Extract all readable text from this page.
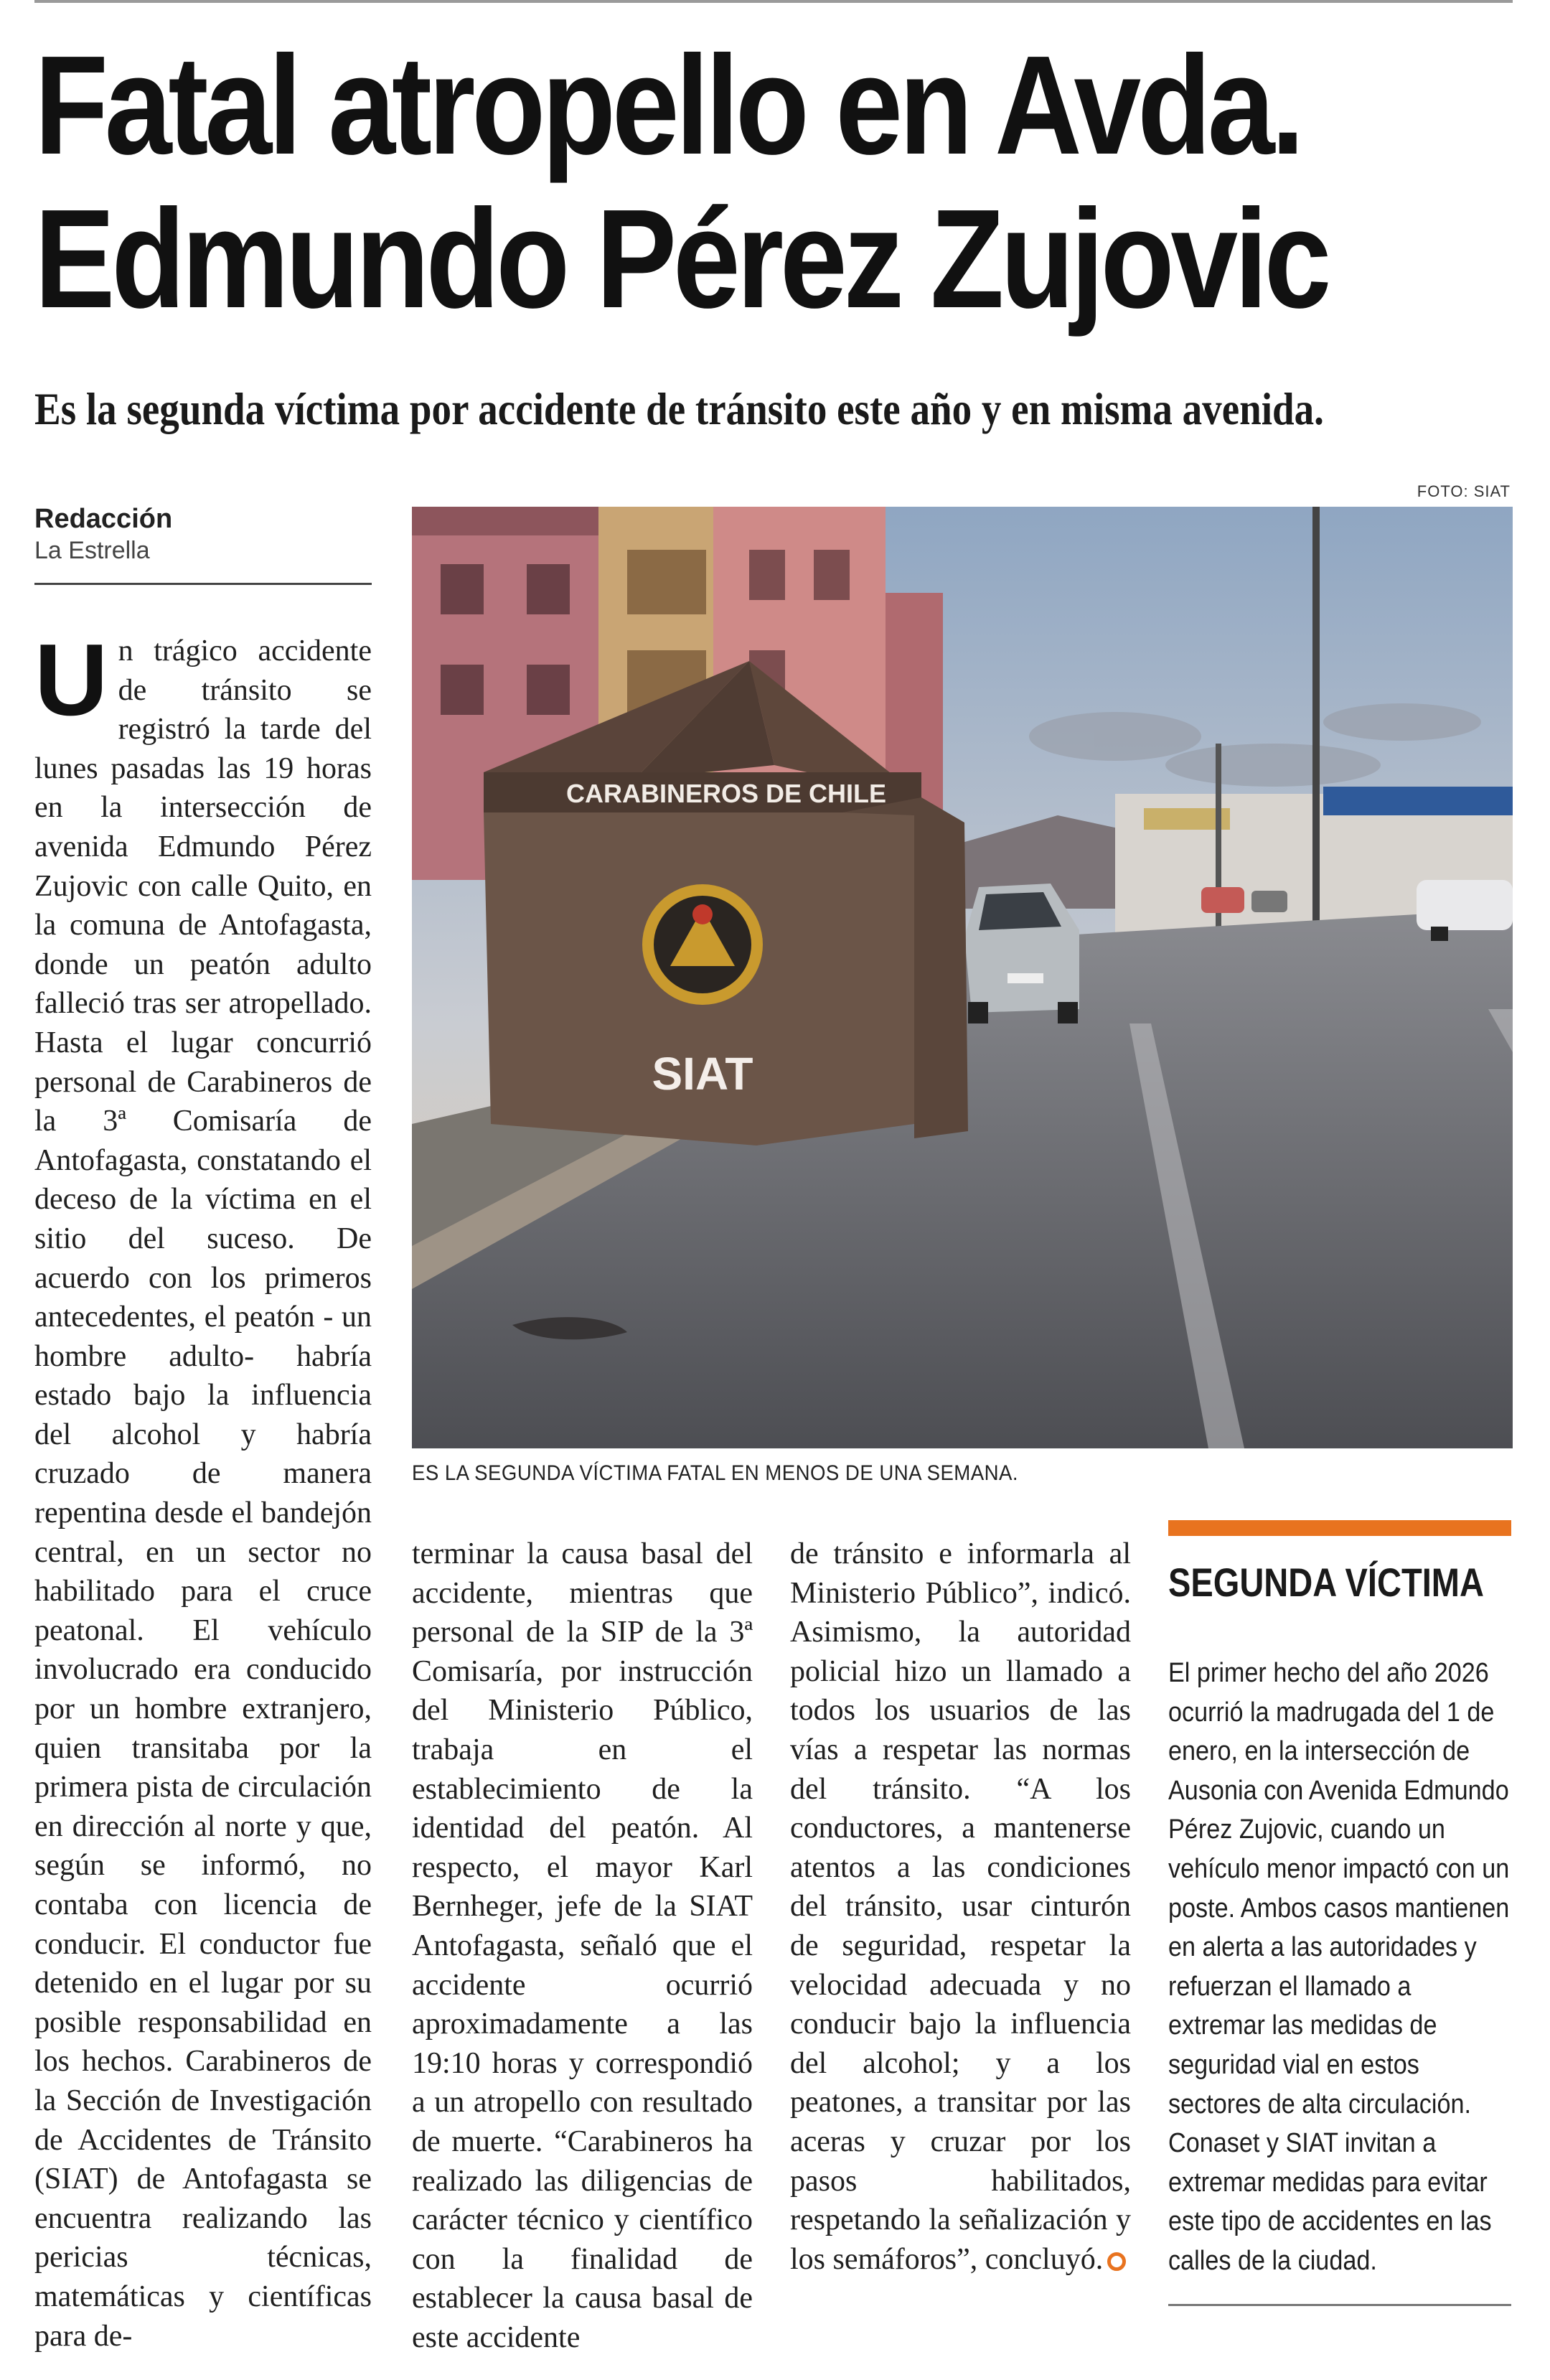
Fatal atropello en Avda.
Edmundo Pérez Zujovic
Es la segunda víctima por accidente de tránsito este año y en misma avenida.
Redacción
La Estrella
FOTO: SIAT
CARABINEROS DE CHILE
SIAT
ES LA SEGUNDA VÍCTIMA FATAL EN MENOS DE UNA SEMANA.

Un trágico accidente de tránsito se registró la tarde del lunes pasadas las 19 horas en la intersección de avenida Edmundo Pérez Zujovic con calle Quito, en la comuna de Antofagasta, donde un peatón adulto falleció tras ser atropellado. Hasta el lugar concurrió personal de Carabineros de la 3ª Comisaría de Antofagasta, constatando el deceso de la víctima en el sitio del suceso. De acuerdo con los primeros antecedentes, el peatón - un hombre adulto- habría estado bajo la influencia del alcohol y habría cruzado de manera repentina desde el bandejón central, en un sector no habilitado para el cruce peatonal. El vehículo involucrado era conducido por un hombre extranjero, quien transitaba por la primera pista de circulación en dirección al norte y que, según se informó, no contaba con licencia de conducir. El conductor fue detenido en el lugar por su posible responsabilidad en los hechos. Carabineros de la Sección de Investigación de Accidentes de Tránsito (SIAT) de Antofagasta se encuentra realizando las pericias técnicas, matemáticas y científicas para de-

terminar la causa basal del accidente, mientras que personal de la SIP de la 3ª Comisaría, por instrucción del Ministerio Público, trabaja en el establecimiento de la identidad del peatón. Al respecto, el mayor Karl Bernheger, jefe de la SIAT Antofagasta, señaló que el accidente ocurrió aproximadamente a las 19:10 horas y correspondió a un atropello con resultado de muerte. “Carabineros ha realizado las diligencias de carácter técnico y científico con la finalidad de establecer la causa basal de este accidente

de tránsito e informarla al Ministerio Público”, indicó. Asimismo, la autoridad policial hizo un llamado a todos los usuarios de las vías a respetar las normas del tránsito. “A los conductores, a mantenerse atentos a las condiciones del tránsito, usar cinturón de seguridad, respetar la velocidad adecuada y no conducir bajo la influencia del alcohol; y a los peatones, a transitar por las aceras y cruzar por los pasos habilitados, respetando la señalización y los semáforos”, concluyó.

SEGUNDA VÍCTIMA
El primer hecho del año 2026 ocurrió la madrugada del 1 de enero, en la intersección de Ausonia con Avenida Edmundo Pérez Zujovic, cuando un vehículo menor impactó con un poste. Ambos casos mantienen en alerta a las autoridades y refuerzan el llamado a extremar las medidas de seguridad vial en estos sectores de alta circulación. Conaset y SIAT invitan a extremar medidas para evitar este tipo de accidentes en las calles de la ciudad.
